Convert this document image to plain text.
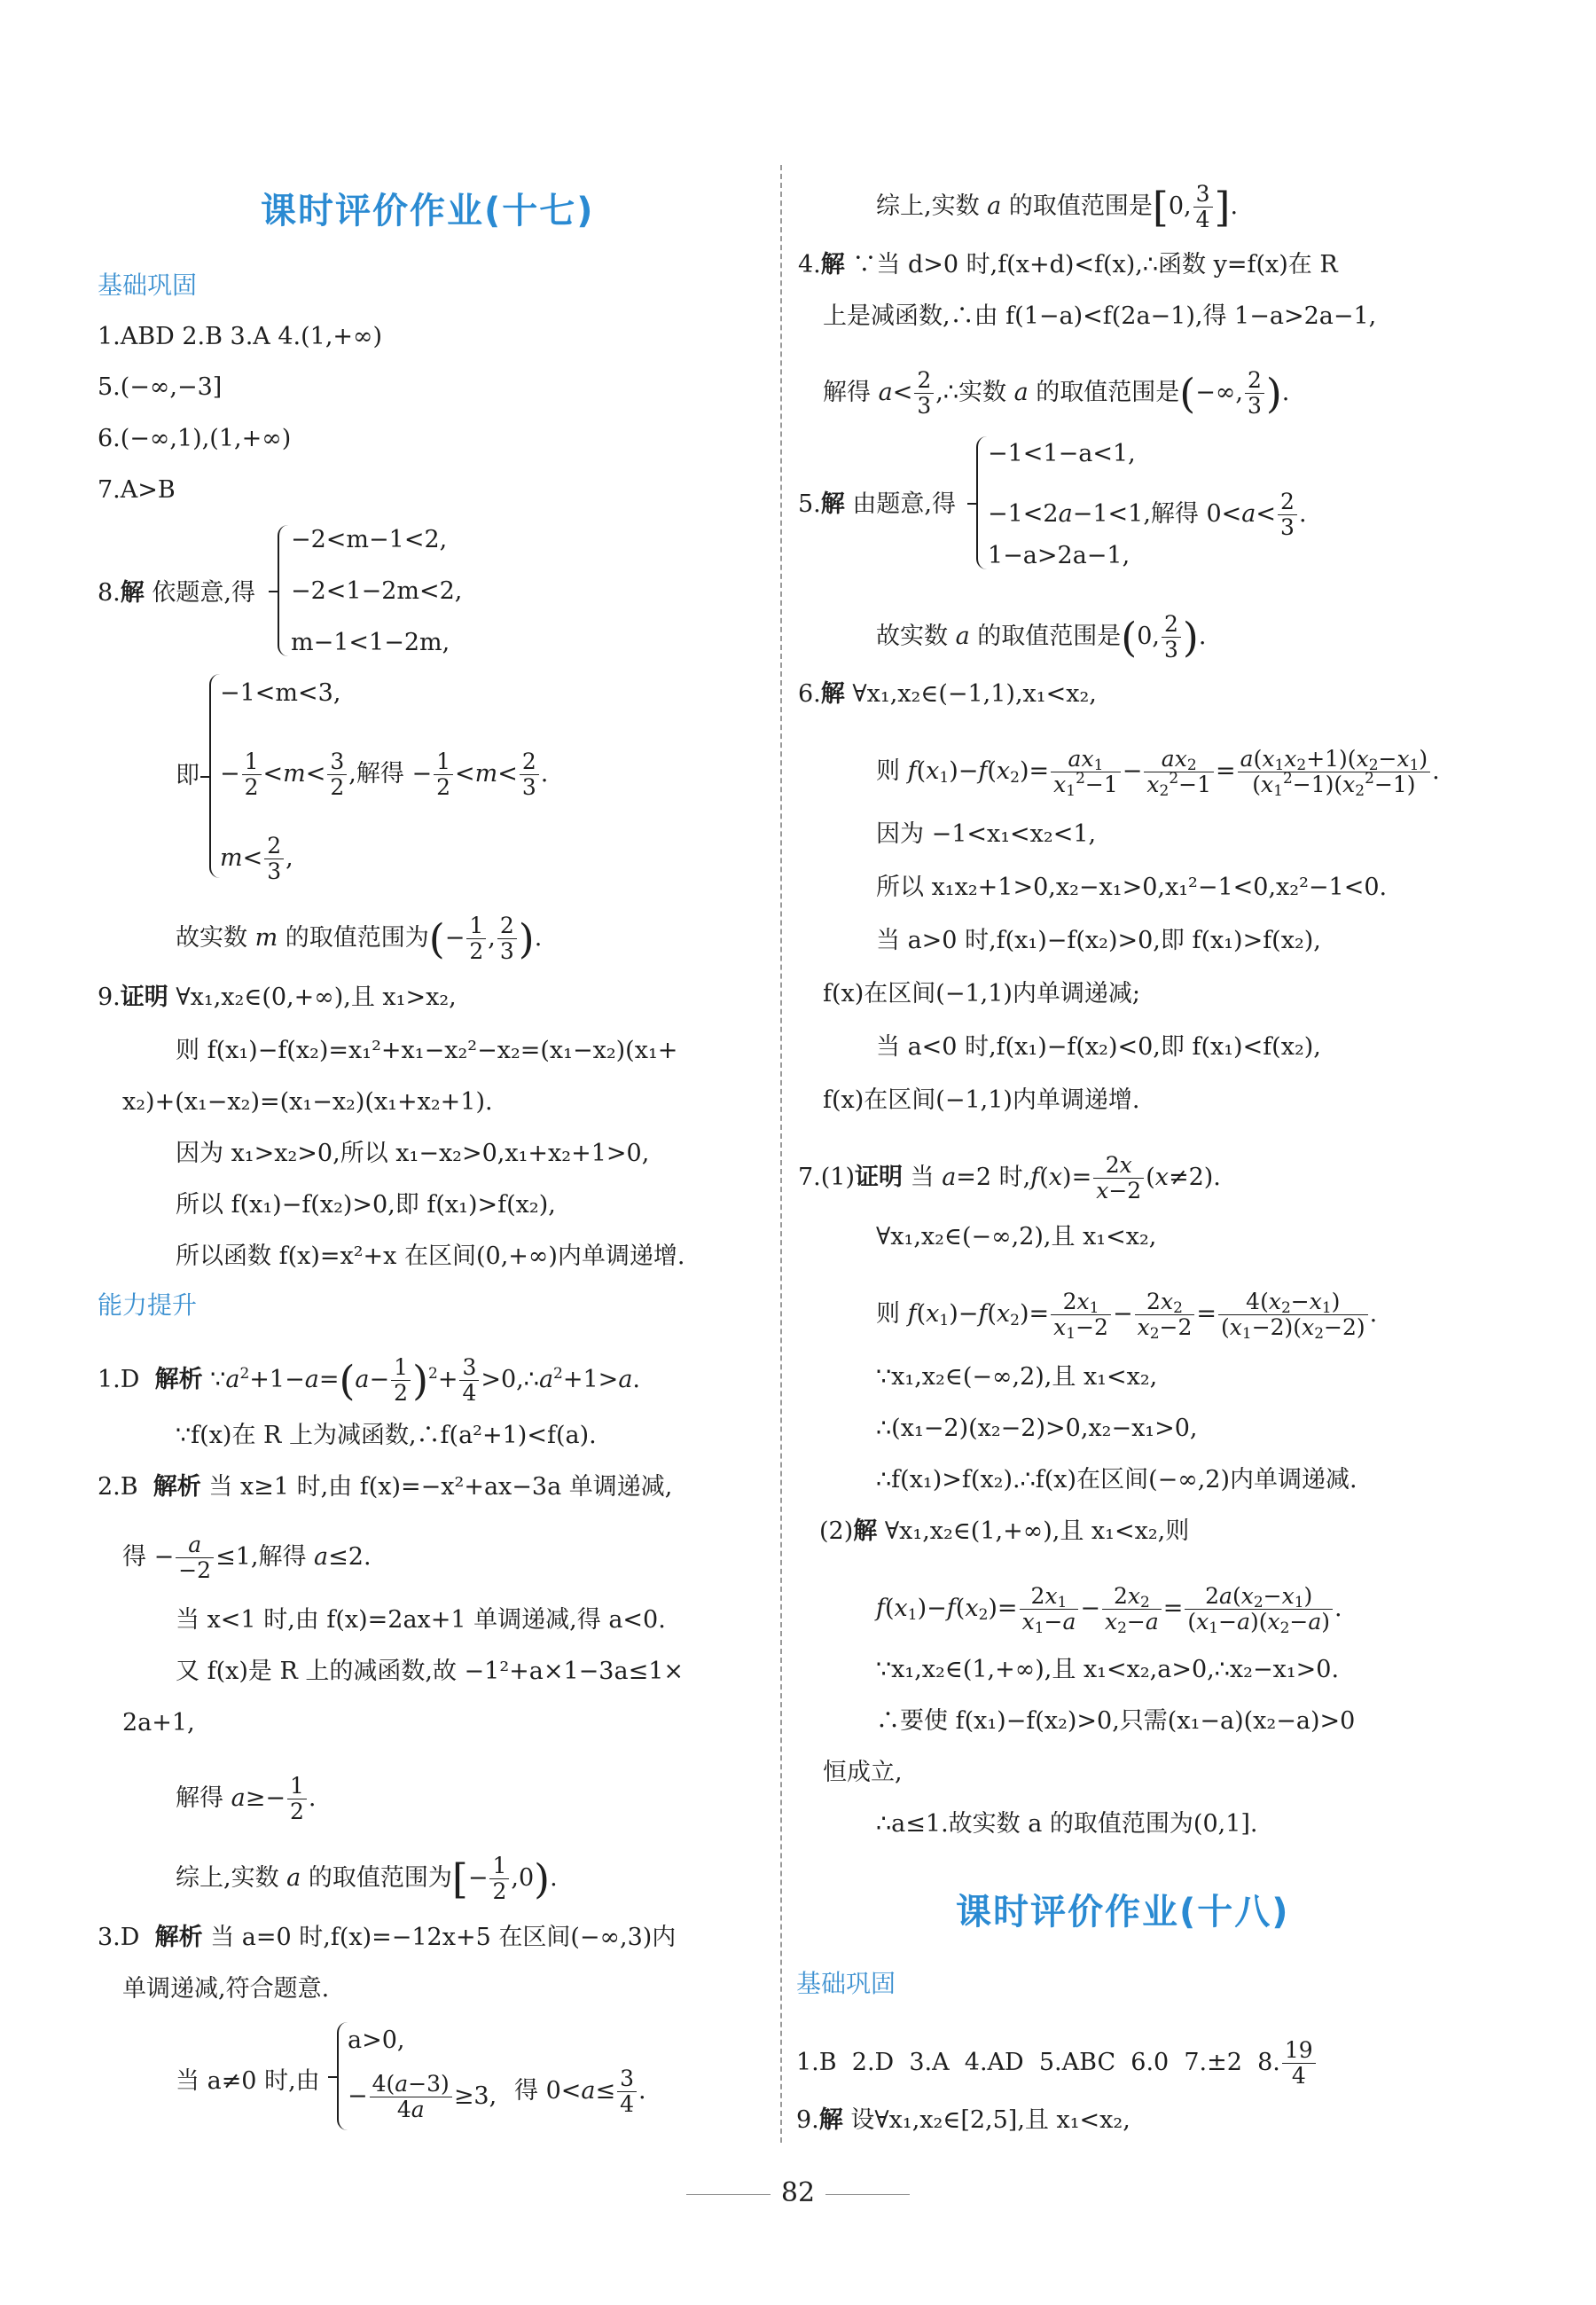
课时评价作业(十七)
基础巩固
1.ABD 2.B 3.A 4.(1,+∞)
5.(−∞,−3]
6.(−∞,1),(1,+∞)
7.A>B
8.解 依题意,得
−2<m−1<2,
−2<1−2m<2,
m−1<1−2m,
即
−1<m<3,
− $\frac{1}{2} <m< \frac{3}{2}$ ,解得 − $\frac{1}{2} <m< \frac{2}{3}$ .
$m< \frac{2}{3}$ ,
故实数 m 的取值范围为(− $\frac{1}{2}$ , $\frac{2}{3}$ ).
9.证明 ∀x₁,x₂∈(0,+∞),且 x₁>x₂,
则 f(x₁)−f(x₂)=x₁²+x₁−x₂²−x₂=(x₁−x₂)(x₁+
x₂)+(x₁−x₂)=(x₁−x₂)(x₁+x₂+1).
因为 x₁>x₂>0,所以 x₁−x₂>0,x₁+x₂+1>0,
所以 f(x₁)−f(x₂)>0,即 f(x₁)>f(x₂),
所以函数 f(x)=x²+x 在区间(0,+∞)内单调递增.
能力提升
1.D 解析 $\because a^2+1-a=(a- \frac{1}{2} )^2+ \frac{3}{4}$ $>0,\therefore a^2+1>a$.
∵f(x)在 R 上为减函数,∴f(a²+1)<f(a).
2.B 解析 当 x≥1 时,由 f(x)=−x²+ax−3a 单调递减,
得 − $\frac{a}{-2} \le 1$,解得 a≤2.
当 x<1 时,由 f(x)=2ax+1 单调递减,得 a<0.
又 f(x)是 R 上的减函数,故 −1²+a×1−3a≤1×
2a+1,
解得 $a\ge- \frac{1}{2}$ .
综上,实数 a 的取值范围为[− $\frac{1}{2} ,0$).
3.D 解析 当 a=0 时,f(x)=−12x+5 在区间(−∞,3)内
单调递减,符合题意.
当 a≠0 时,由
a>0,
− $\frac{4(a-3)}{4a} \ge 3$, 得 $0<a\le \frac{3}{4}$ .
综上,实数 a 的取值范围是[0, $\frac{3}{4}$ ].
4.解 ∵当 d>0 时,f(x+d)<f(x),∴函数 y=f(x)在 R
上是减函数,∴由 f(1−a)<f(2a−1),得 1−a>2a−1,
解得 $a< \frac{2}{3}$ ,∴实数 a 的取值范围是(−∞, $\frac{2}{3}$ ).
5.解 由题意,得
−1<1−a<1,
−1<2a−1<1,解得 $0<a< \frac{2}{3}$ .
1−a>2a−1,
故实数 a 的取值范围是(0, $\frac{2}{3}$ ).
6.解 ∀x₁,x₂∈(−1,1),x₁<x₂,
则 $f(x_1)-f(x_2)= \frac{ax_1}{x_1^2-1} - \frac{ax_2}{x_2^2-1} = \frac{a(x_1x_2+1)(x_2-x_1)}{(x_1^2-1)(x_2^2-1)}$ .
因为 −1<x₁<x₂<1,
所以 x₁x₂+1>0,x₂−x₁>0,x₁²−1<0,x₂²−1<0.
当 a>0 时,f(x₁)−f(x₂)>0,即 f(x₁)>f(x₂),
f(x)在区间(−1,1)内单调递减;
当 a<0 时,f(x₁)−f(x₂)<0,即 f(x₁)<f(x₂),
f(x)在区间(−1,1)内单调递增.
7.(1)证明 当 a=2 时$,f(x)= \frac{2x}{x-2} (x\ne 2)$.
∀x₁,x₂∈(−∞,2),且 x₁<x₂,
则 $f(x_1)-f(x_2)= \frac{2x_1}{x_1-2} - \frac{2x_2}{x_2-2} = \frac{4(x_2-x_1)}{(x_1-2)(x_2-2)}$ .
∵x₁,x₂∈(−∞,2),且 x₁<x₂,
∴(x₁−2)(x₂−2)>0,x₂−x₁>0,
∴f(x₁)>f(x₂).∴f(x)在区间(−∞,2)内单调递减.
(2)解 ∀x₁,x₂∈(1,+∞),且 x₁<x₂,则
$f(x_1)-f(x_2)= \frac{2x_1}{x_1-a} - \frac{2x_2}{x_2-a} = \frac{2a(x_2-x_1)}{(x_1-a)(x_2-a)}$ .
∵x₁,x₂∈(1,+∞),且 x₁<x₂,a>0,∴x₂−x₁>0.
∴要使 f(x₁)−f(x₂)>0,只需(x₁−a)(x₂−a)>0
恒成立,
∴a≤1.故实数 a 的取值范围为(0,1].
课时评价作业(十八)
基础巩固
1.B  2.D  3.A  4.AD  5.ABC  6.0  7.±2  8. $\frac{19}{4}$
9.解 设∀x₁,x₂∈[2,5],且 x₁<x₂,
82
